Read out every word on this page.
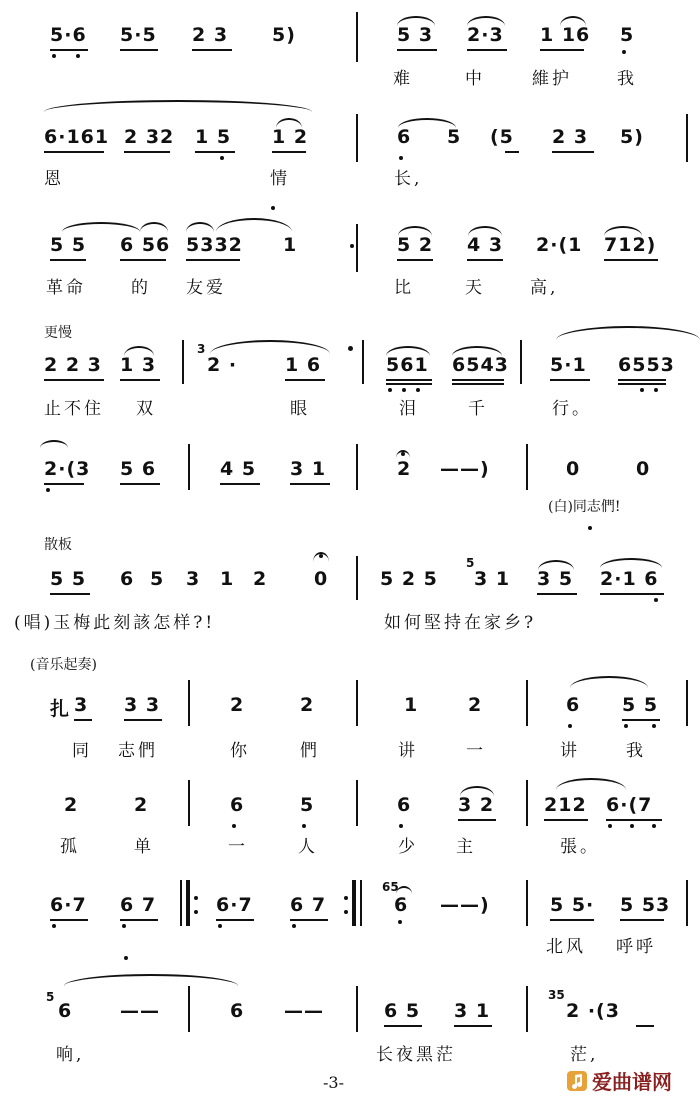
5·6 5·5 2 3 5)	5 3 2·3 1 16 5
难	中	維护	我
6·161 2 32 1 5 1 2	6 5 (5 2 3 5)
恩	情	长,
5 5 6 56 5332 1	5 2 4 3 2·(1 712)
革命	的 友爱	比	天	高,
更慢
2 2 3 1 3
3
2 ·	1 6	561 6543 5·1 6553
止不住 双	眼	泪	千	行。
2·(3 5 6	4 5 3 1	2 ——)	0	0
(白)同志們!
散板
5 5 6 5 3 1 2 0	5 2 5
5
3 1 3 5 2·1 6
(唱)玉梅此刻該怎样?!	如何堅持在家乡?
(音乐起奏)
扎 3 3 3	2	2	1	2	6 5 5
同 志們	你	們	讲	一	讲	我
2	2	6	5	6 3 2	212 6·(7
孤	单	一	人	少 主	張。
6·7 6 7	6·7 6 7
65
6 ——)	5 5· 5 53
北风 呼呼
5
6	——	6 ——	6 5 3 1
35
2 ·(3
响,	长夜黑茫	茫,
-3-	爱曲谱网
